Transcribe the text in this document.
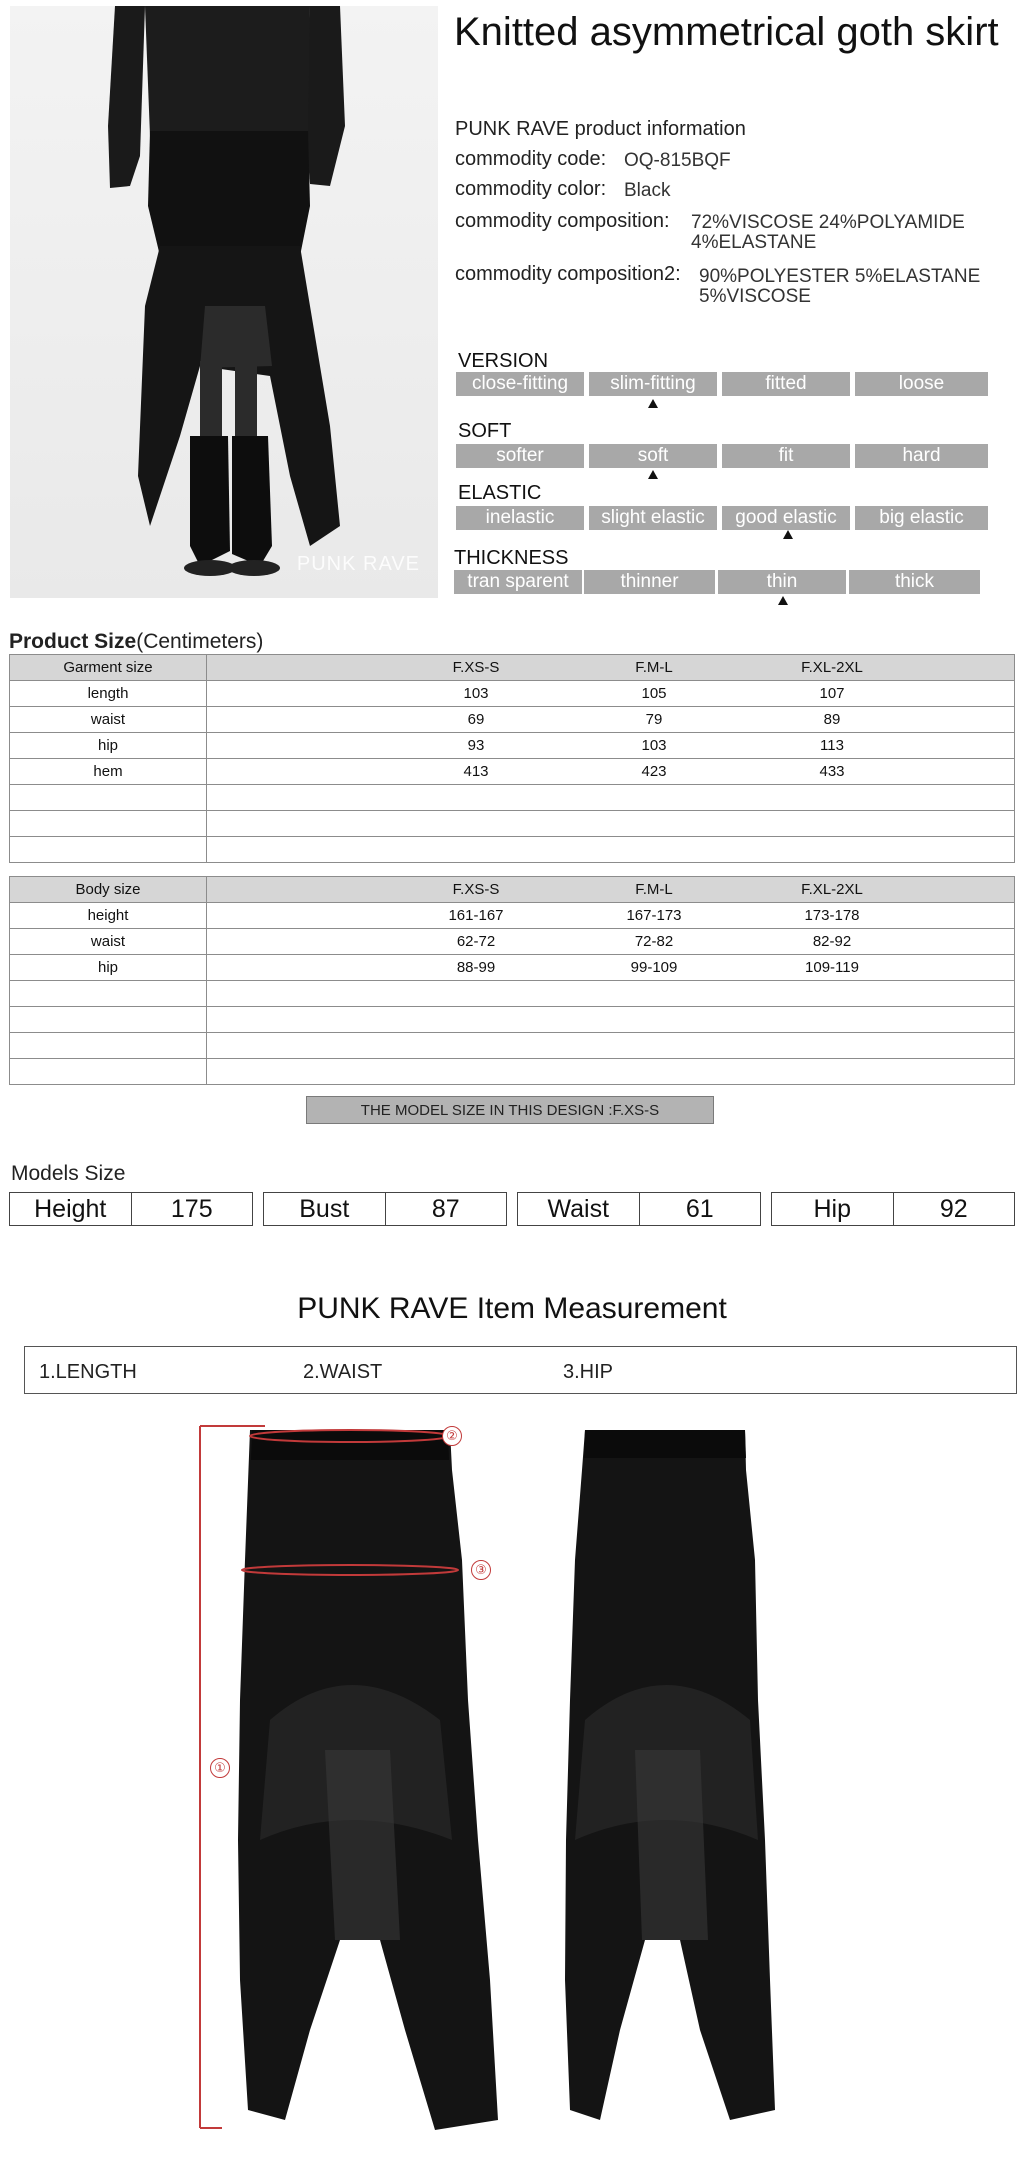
PUNK RAVE
Knitted asymmetrical goth skirt
PUNK RAVE product information
commodity code: OQ-815BQF
commodity color: Black
commodity composition: 72%VISCOSE 24%POLYAMIDE
4%ELASTANE
commodity composition2: 90%POLYESTER 5%ELASTANE
5%VISCOSE
VERSION
close-fitting	slim-fitting	fitted	loose
SOFT
softer	soft	fit	hard
ELASTIC
inelastic	slight elastic	good elastic	big elastic
THICKNESS
tran sparent	thinner	thin	thick
Product Size(Centimeters)
Garment size	F.XS-S F.M-L F.XL-2XL

length	103 105 107

waist	69 79 89

hip	93 103 113

hem	413 423 433

Body size	F.XS-S F.M-L F.XL-2XL

height	161-167 167-173 173-178

waist	62-72 72-82 82-92

hip	88-99 99-109 109-119

THE MODEL SIZE IN THIS DESIGN :F.XS-S
Models Size
Height	175	Bust	87	Waist	61	Hip	92
PUNK RAVE Item Measurement
1.LENGTH	2.WAIST	3.HIP
②
③
①
